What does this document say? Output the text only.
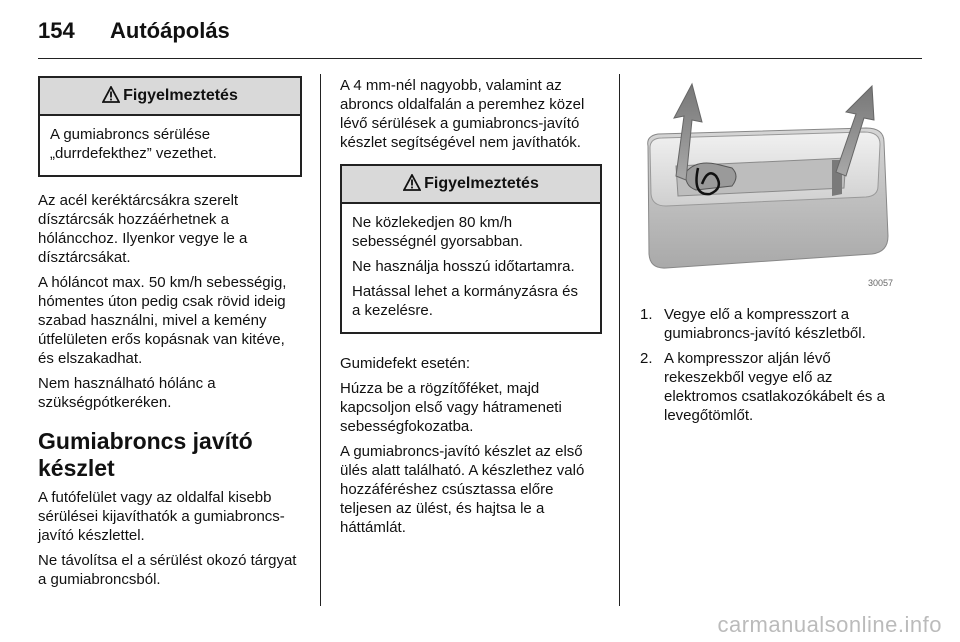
154 Autóápolás
Figyelmeztetés

A gumiabroncs sérülése „durrdefekthez” vezethet.

Az acél keréktárcsákra szerelt dísztárcsák hozzáérhetnek a hóláncchoz. Ilyenkor vegye le a dísztárcsákat.

A hóláncot max. 50 km/h sebességig, hómentes úton pedig csak rövid ideig szabad használni, mivel a kemény útfelületen erős kopásnak van kitéve, és elszakadhat.

Nem használható hólánc a szükségpótkeréken.

Gumiabroncs javító készlet

A futófelület vagy az oldalfal kisebb sérülései kijavíthatók a gumiabroncs-javító készlettel.

Ne távolítsa el a sérülést okozó tárgyat a gumiabroncsból.

A 4 mm-nél nagyobb, valamint az abroncs oldalfalán a peremhez közel lévő sérülések a gumiabroncs-javító készlet segítségével nem javíthatók.

Figyelmeztetés

Ne közlekedjen 80 km/h sebességnél gyorsabban.

Ne használja hosszú időtartamra.

Hatással lehet a kormányzásra és a kezelésre.

Gumidefekt esetén:

Húzza be a rögzítőféket, majd kapcsoljon első vagy hátrameneti sebességfokozatba.

A gumiabroncs-javító készlet az első ülés alatt található. A készlethez való hozzáféréshez csúsztassa előre teljesen az ülést, és hajtsa le a háttámlát.

30057
1. Vegye elő a kompresszort a gumiabroncs-javító készletből.
2. A kompresszor alján lévő rekeszekből vegye elő az elektromos csatlakozókábelt és a levegőtömlőt.
carmanualsonline.info
